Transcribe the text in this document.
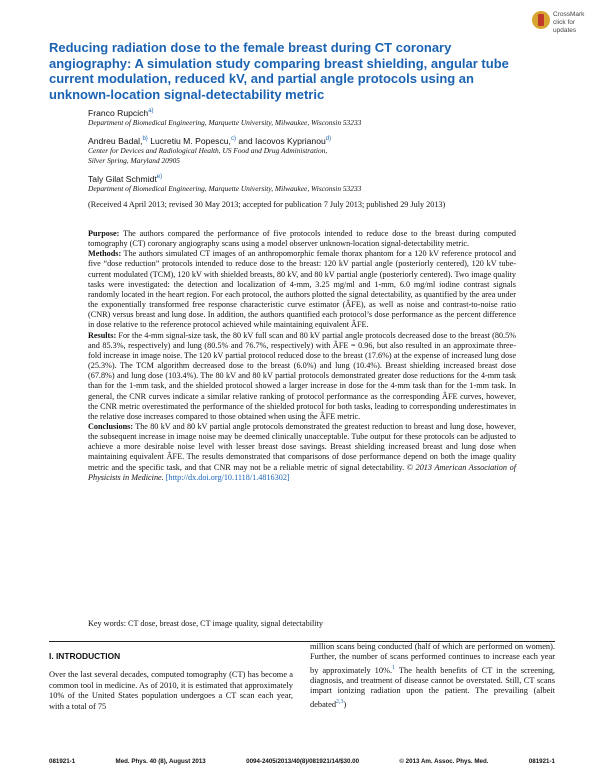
CrossMark
click for updates
Reducing radiation dose to the female breast during CT coronary angiography: A simulation study comparing breast shielding, angular tube current modulation, reduced kV, and partial angle protocols using an unknown-location signal-detectability metric
Franco Rupcich$^{a)}$
Department of Biomedical Engineering, Marquette University, Milwaukee, Wisconsin 53233
Andreu Badal,$^{b)}$ Lucretiu M. Popescu,$^{c)}$ and Iacovos Kyprianou$^{d)}$
Center for Devices and Radiological Health, US Food and Drug Administration,
Silver Spring, Maryland 20905
Taly Gilat Schmidt$^{e)}$
Department of Biomedical Engineering, Marquette University, Milwaukee, Wisconsin 53233
(Received 4 April 2013; revised 30 May 2013; accepted for publication 7 July 2013; published 29 July 2013)

Purpose: The authors compared the performance of five protocols intended to reduce dose to the breast during computed tomography (CT) coronary angiography scans using a model observer unknown-location signal-detectability metric.

Methods: The authors simulated CT images of an anthropomorphic female thorax phantom for a 120 kV reference protocol and five “dose reduction” protocols intended to reduce dose to the breast: 120 kV partial angle (posteriorly centered), 120 kV tube-current modulated (TCM), 120 kV with shielded breasts, 80 kV, and 80 kV partial angle (posteriorly centered). Two image quality tasks were investigated: the detection and localization of 4-mm, 3.25 mg/ml and 1-mm, 6.0 mg/ml iodine contrast signals randomly located in the heart region. For each protocol, the authors plotted the signal detectability, as quantified by the area under the exponentially transformed free response characteristic curve estimator (ÂFE), as well as noise and contrast-to-noise ratio (CNR) versus breast and lung dose. In addition, the authors quantified each protocol’s dose performance as the percent difference in dose relative to the reference protocol achieved while maintaining equivalent ÂFE.

Results: For the 4-mm signal-size task, the 80 kV full scan and 80 kV partial angle protocols decreased dose to the breast (80.5% and 85.3%, respectively) and lung (80.5% and 76.7%, respectively) with ÂFE = 0.96, but also resulted in an approximate three-fold increase in image noise. The 120 kV partial protocol reduced dose to the breast (17.6%) at the expense of increased lung dose (25.3%). The TCM algorithm decreased dose to the breast (6.0%) and lung (10.4%). Breast shielding increased breast dose (67.8%) and lung dose (103.4%). The 80 kV and 80 kV partial protocols demonstrated greater dose reductions for the 4-mm task than for the 1-mm task, and the shielded protocol showed a larger increase in dose for the 4-mm task than for the 1-mm task. In general, the CNR curves indicate a similar relative ranking of protocol performance as the corresponding ÂFE curves, however, the CNR metric overestimated the performance of the shielded protocol for both tasks, leading to corresponding underestimates in the relative dose increases compared to those obtained when using the ÂFE metric.

Conclusions: The 80 kV and 80 kV partial angle protocols demonstrated the greatest reduction to breast and lung dose, however, the subsequent increase in image noise may be deemed clinically unacceptable. Tube output for these protocols can be adjusted to achieve a more desirable noise level with lesser breast dose savings. Breast shielding increased breast and lung dose when maintaining equivalent ÂFE. The results demonstrated that comparisons of dose performance depend on both the image quality metric and the specific task, and that CNR may not be a reliable metric of signal detectability. © 2013 American Association of Physicists in Medicine. [http://dx.doi.org/10.1118/1.4816302]

Key words: CT dose, breast dose, CT image quality, signal detectability

I. INTRODUCTION

Over the last several decades, computed tomography (CT) has become a common tool in medicine. As of 2010, it is estimated that approximately 10% of the United States population undergoes a CT scan each year, with a total of 75

million scans being conducted (half of which are performed on women). Further, the number of scans performed continues to increase each year by approximately 10%.$^1$ The health benefits of CT in the screening, diagnosis, and treatment of disease cannot be overstated. Still, CT scans impart ionizing radiation upon the patient. The prevailing (albeit debated$^{2,3}$)

081921-1	Med. Phys. 40 (8), August 2013	0094-2405/2013/40(8)/081921/14/$30.00	© 2013 Am. Assoc. Phys. Med.	081921-1
